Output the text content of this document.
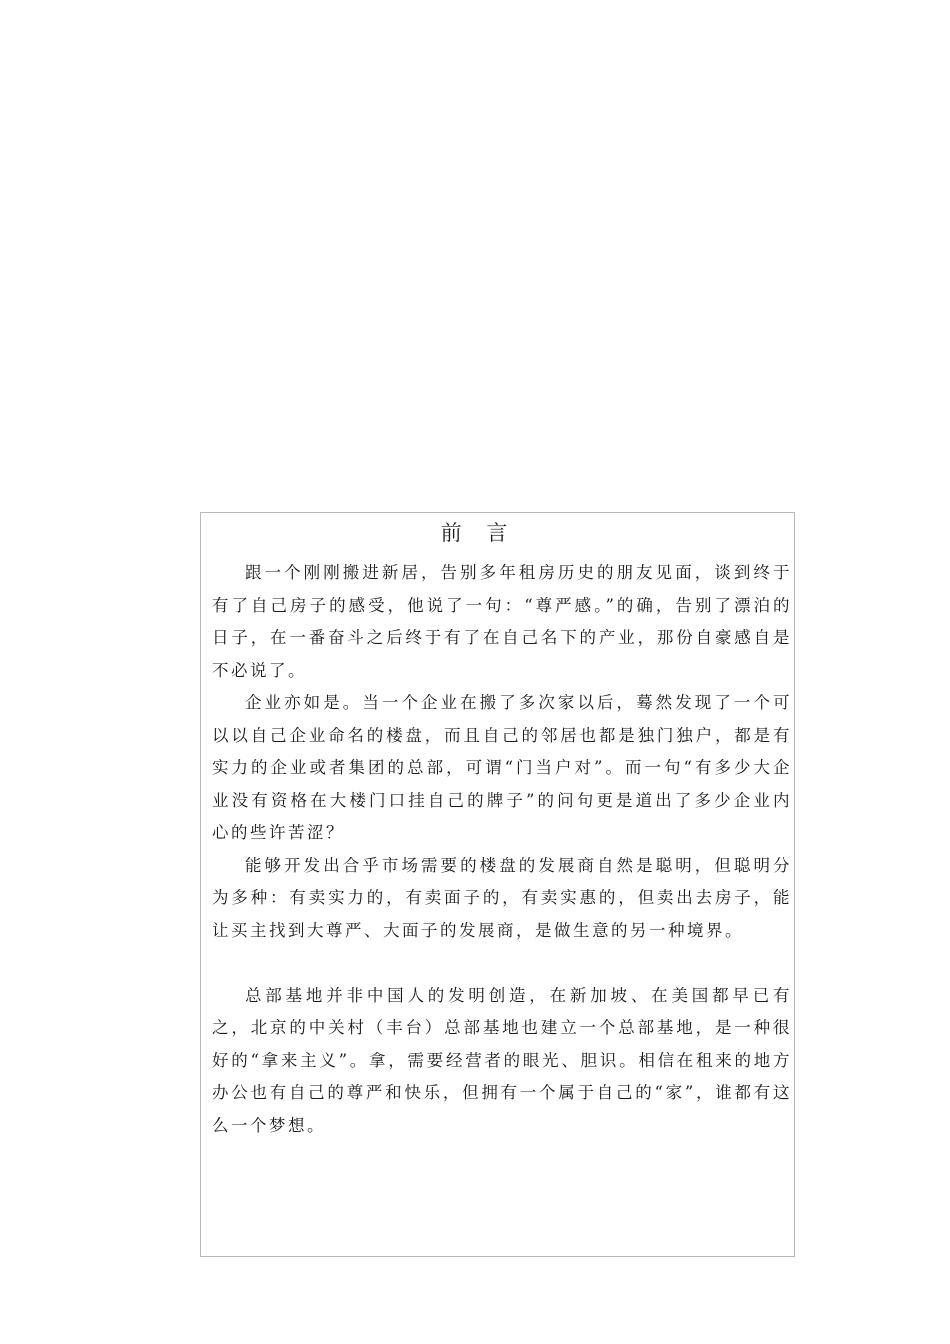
前 言

跟一个刚刚搬进新居，告别多年租房历史的朋友见面，谈到终于有了自己房子的感受，他说了一句：“尊严感。”的确，告别了漂泊的日子，在一番奋斗之后终于有了在自己名下的产业，那份自豪感自是不必说了。

企业亦如是。当一个企业在搬了多次家以后，蓦然发现了一个可以以自己企业命名的楼盘，而且自己的邻居也都是独门独户，都是有实力的企业或者集团的总部，可谓“门当户对”。而一句“有多少大企业没有资格在大楼门口挂自己的牌子”的问句更是道出了多少企业内心的些许苦涩？

能够开发出合乎市场需要的楼盘的发展商自然是聪明，但聪明分为多种：有卖实力的，有卖面子的，有卖实惠的，但卖出去房子，能让买主找到大尊严、大面子的发展商，是做生意的另一种境界。

总部基地并非中国人的发明创造，在新加坡、在美国都早已有之，北京的中关村（丰台）总部基地也建立一个总部基地，是一种很好的“拿来主义”。拿，需要经营者的眼光、胆识。相信在租来的地方办公也有自己的尊严和快乐，但拥有一个属于自己的“家”，谁都有这么一个梦想。
